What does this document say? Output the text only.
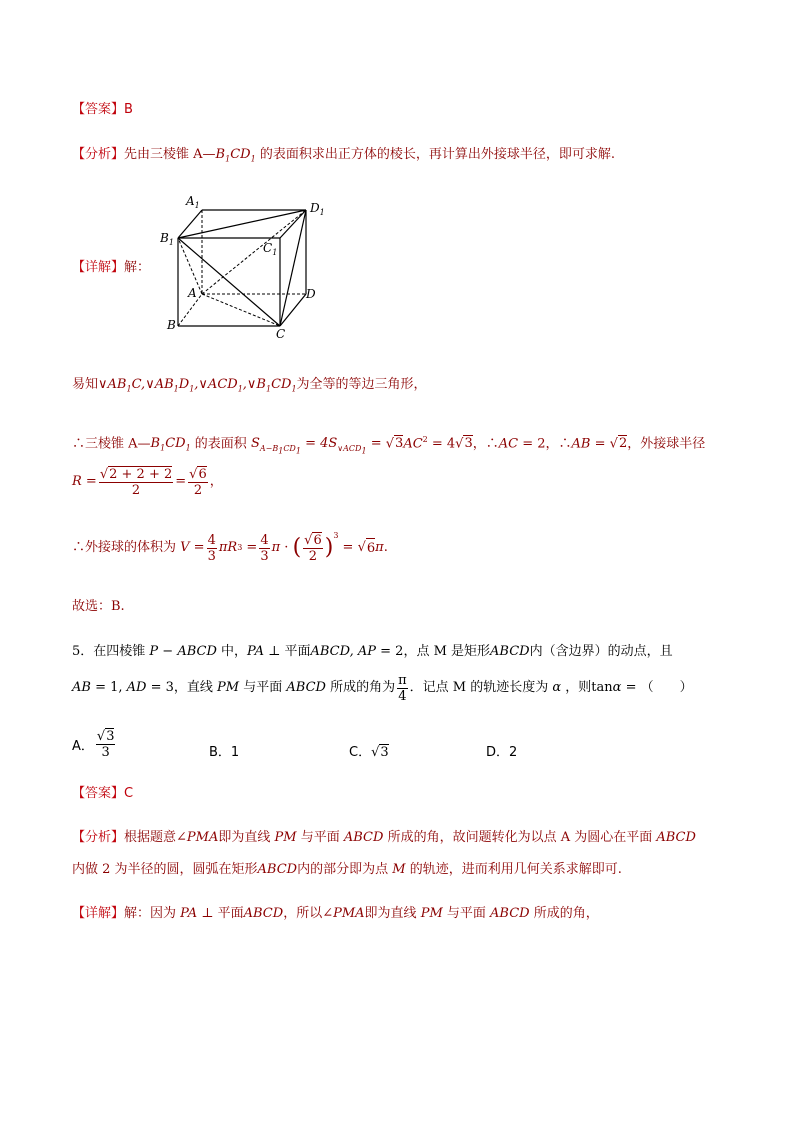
【答案】B
【分析】先由三棱锥 $A—B_1CD_1$ 的表面积求出正方体的棱长，再计算出外接球半径，即可求解.
$A_1$	$D_1$
$B_1$	$C_1$
A	D
B
C
【详解】解：
易知$\vee AB_1C,\vee AB_1D_1,\vee ACD_1,\vee B_1CD_1$为全等的等边三角形，
∴三棱锥 $A—B_1CD_1$ 的表面积 $S_{A-B_1CD_1} = 4S_{\vee ACD_1} = √3AC^2 = 4√3$，∴AC = 2，∴AB = √2，外接球半径
$R = \frac{√2 + 2 + 2}{2} = \frac{√6}{2}$ ，
∴外接球的体积为 $V = \frac{4}{3}$ πR $3 = \frac{4}{3}$ π · ( $\frac{√6}{2} )^3$
= √ 6 π .
故选：B.
5．在四棱锥 P − ABCD 中，PA ⊥ 平面ABCD, AP = 2，点 M 是矩形ABCD内（含边界）的动点，且
AB = 1, AD = 3 ，直线 PM 与平面 ABCD 所成的角为 $\frac{\pi}{4}$ ．记点 M 的轨迹长度为 α ，则 tan α = （　　）
A． $\frac{√3}{3}$	B．1	C．√3	D．2
【答案】C
【分析】根据题意∠PMA即为直线 PM 与平面 ABCD 所成的角，故问题转化为以点 A 为圆心在平面 ABCD
内做 2 为半径的圆，圆弧在矩形ABCD内的部分即为点 M 的轨迹，进而利用几何关系求解即可.
【详解】解：因为 PA ⊥ 平面ABCD，所以∠PMA即为直线 PM 与平面 ABCD 所成的角，
